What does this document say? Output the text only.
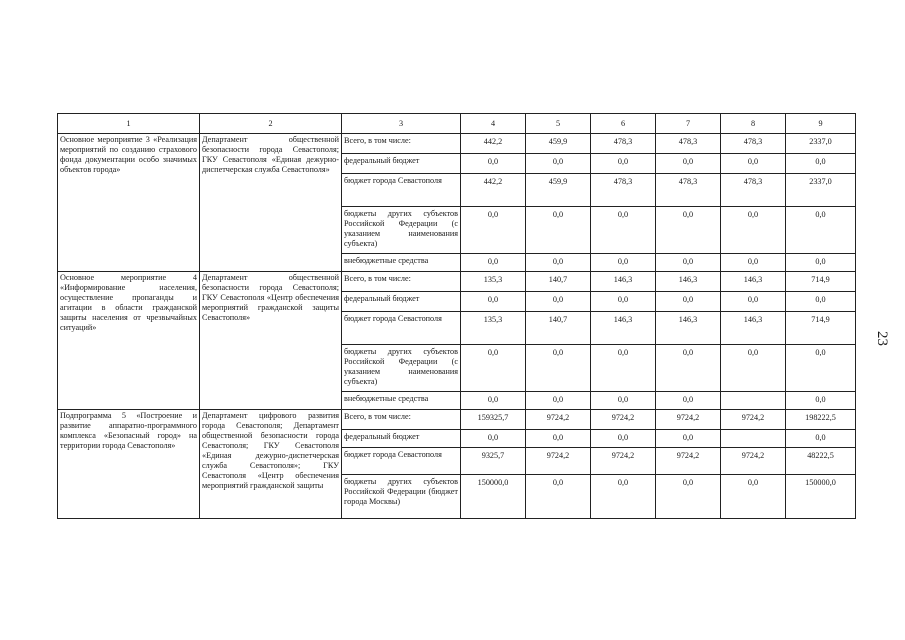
1	2	3	4	5	6	7	8	9
Основное мероприятие 3 «Реализация мероприятий по созданию страхового фонда документации особо значимых объектов города»	Департамент общественной безопасности города Севастополя; ГКУ Севастополя «Единая дежурно-диспетчерская служба Севастополя»	Всего, в том числе:	442,2	459,9	478,3	478,3	478,3	2337,0
		федеральный бюджет	0,0	0,0	0,0	0,0	0,0	0,0
		бюджет города Севастополя	442,2	459,9	478,3	478,3	478,3	2337,0
		бюджеты других субъектов Российской Федерации (с указанием наименования субъекта)	0,0	0,0	0,0	0,0	0,0	0,0
		внебюджетные средства	0,0	0,0	0,0	0,0	0,0	0,0
Основное мероприятие 4 «Информирование населения, осуществление пропаганды и агитации в области гражданской защиты населения от чрезвычайных ситуаций»	Департамент общественной безопасности города Севастополя; ГКУ Севастополя «Центр обеспечения мероприятий гражданской защиты Севастополя»	Всего, в том числе:	135,3	140,7	146,3	146,3	146,3	714,9
		федеральный бюджет	0,0	0,0	0,0	0,0	0,0	0,0
		бюджет города Севастополя	135,3	140,7	146,3	146,3	146,3	714,9
		бюджеты других субъектов Российской Федерации (с указанием наименования субъекта)	0,0	0,0	0,0	0,0	0,0	0,0
		внебюджетные средства	0,0	0,0	0,0	0,0		0,0
Подпрограмма 5 «Построение и развитие аппаратно-программного комплекса «Безопасный город» на территории города Севастополя»	Департамент цифрового развития города Севастополя; Департамент общественной безопасности города Севастополя; ГКУ Севастополя «Единая дежурно-диспетчерская служба Севастополя»; ГКУ Севастополя «Центр обеспечения мероприятий гражданской защиты	Всего, в том числе:	159325,7	9724,2	9724,2	9724,2	9724,2	198222,5
		федеральный бюджет	0,0	0,0	0,0	0,0		0,0
		бюджет города Севастополя	9325,7	9724,2	9724,2	9724,2	9724,2	48222,5
		бюджеты других субъектов Российской Федерации (бюджет города Москвы)	150000,0	0,0	0,0	0,0	0,0	150000,0
23
